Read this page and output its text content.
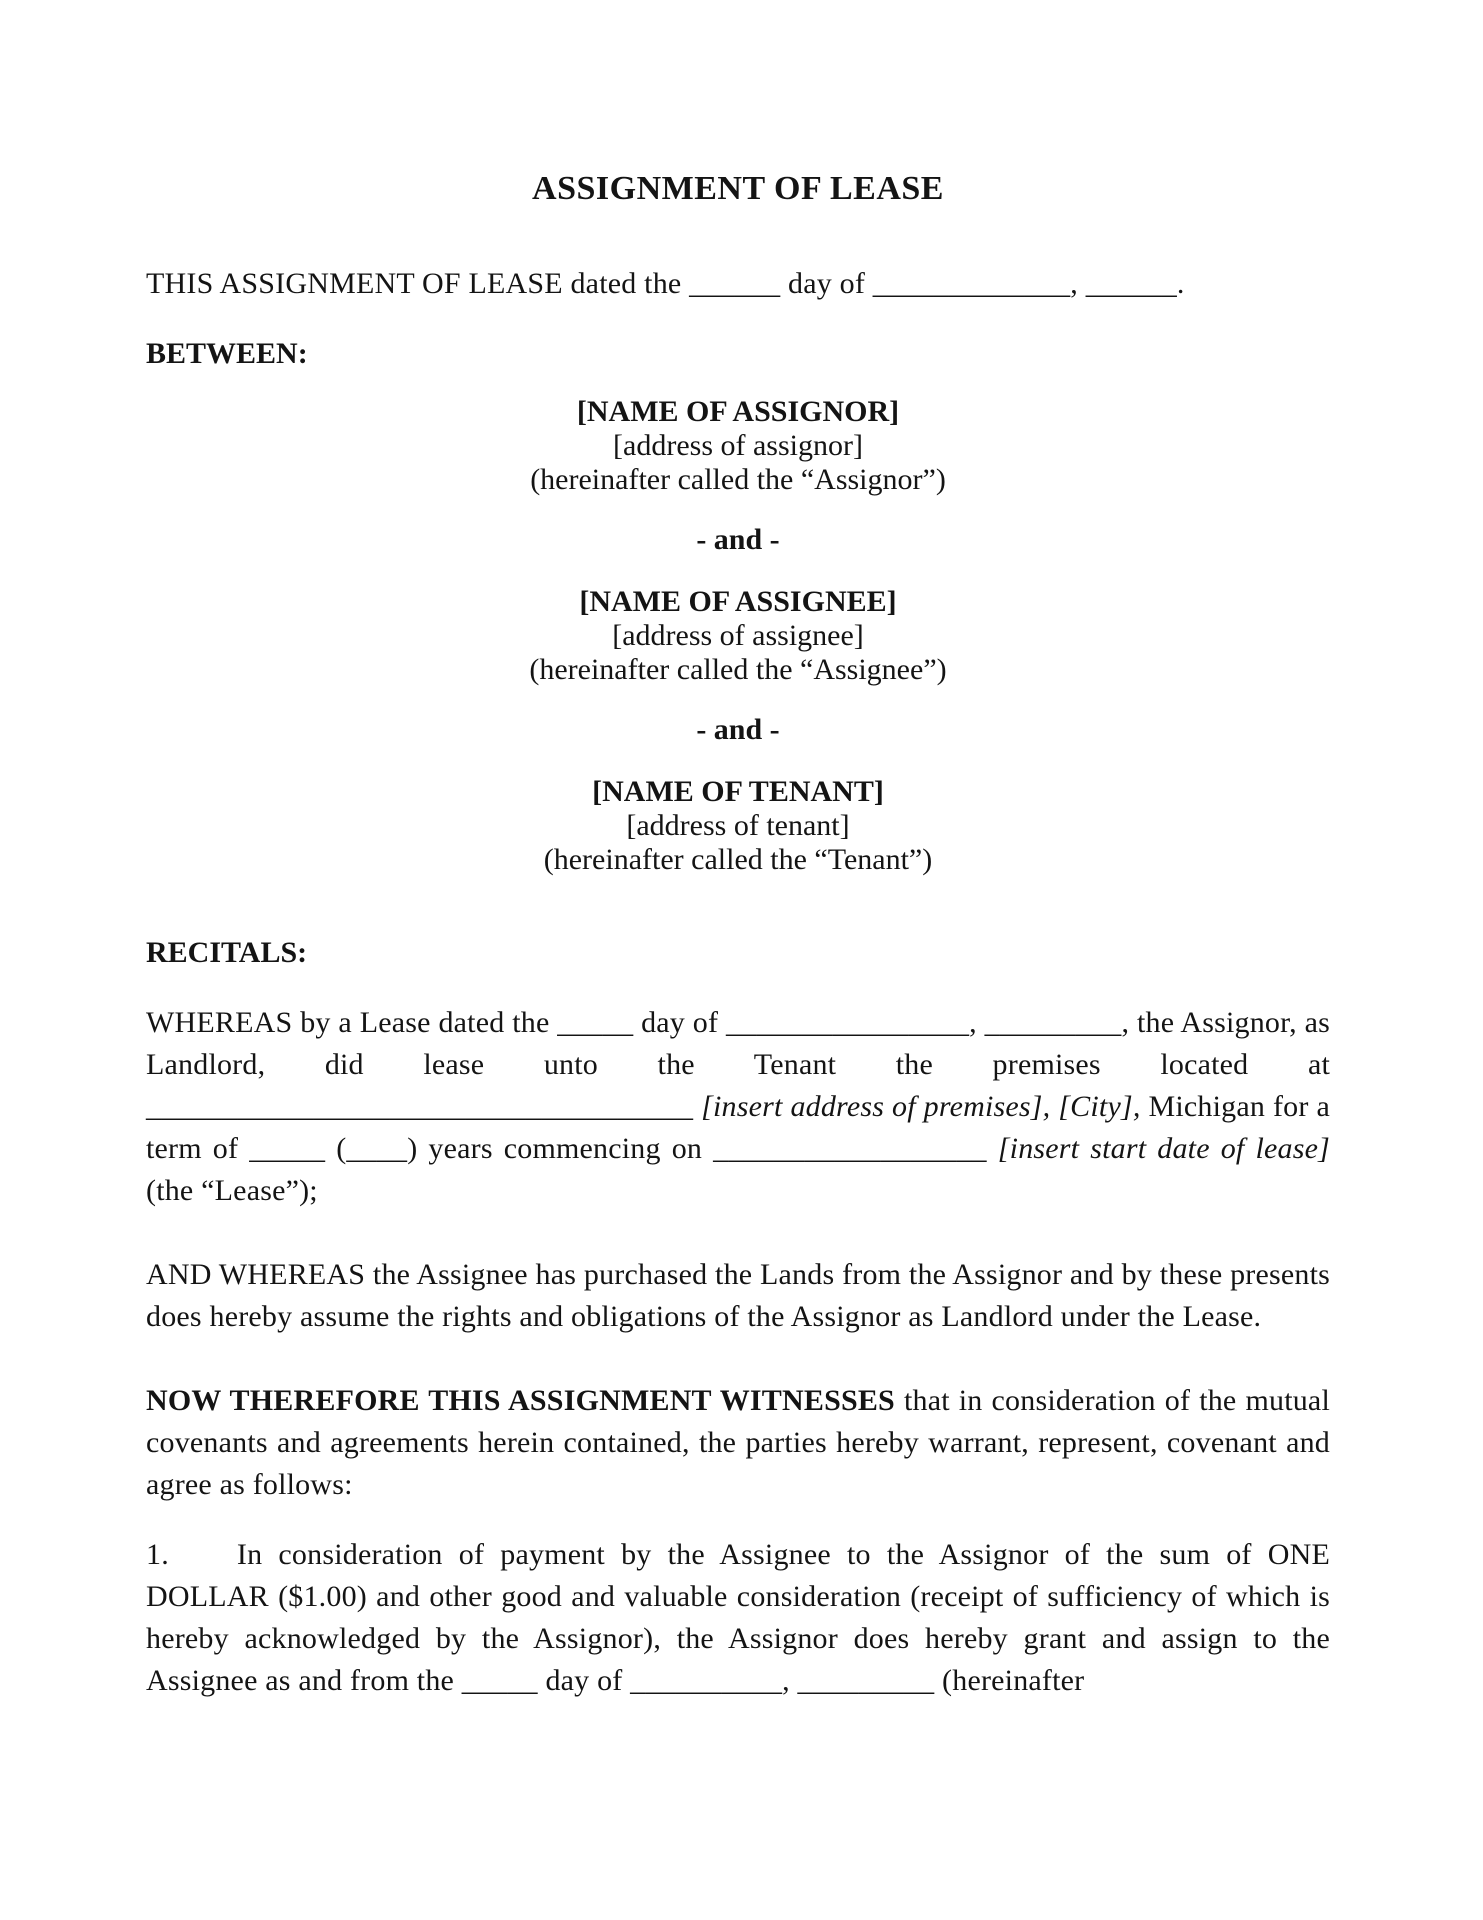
ASSIGNMENT OF LEASE

THIS ASSIGNMENT OF LEASE dated the ______ day of _____________, ______.

BETWEEN:

[NAME OF ASSIGNOR]
[address of assignor]
(hereinafter called the “Assignor”)
- and -
[NAME OF ASSIGNEE]
[address of assignee]
(hereinafter called the “Assignee”)
- and -
[NAME OF TENANT]
[address of tenant]
(hereinafter called the “Tenant”)

RECITALS:

WHEREAS by a Lease dated the _____ day of ________________, _________, the Assignor, as Landlord, did lease unto the Tenant the premises located at ____________________________________ [insert address of premises], [City], Michigan for a term of _____ (____) years commencing on __________________ [insert start date of lease] (the “Lease”);

AND WHEREAS the Assignee has purchased the Lands from the Assignor and by these presents does hereby assume the rights and obligations of the Assignor as Landlord under the Lease.

NOW THEREFORE THIS ASSIGNMENT WITNESSES that in consideration of the mutual covenants and agreements herein contained, the parties hereby warrant, represent, covenant and agree as follows:

1. In consideration of payment by the Assignee to the Assignor of the sum of ONE DOLLAR ($1.00) and other good and valuable consideration (receipt of sufficiency of which is hereby acknowledged by the Assignor), the Assignor does hereby grant and assign to the Assignee as and from the _____ day of __________, _________ (hereinafter
